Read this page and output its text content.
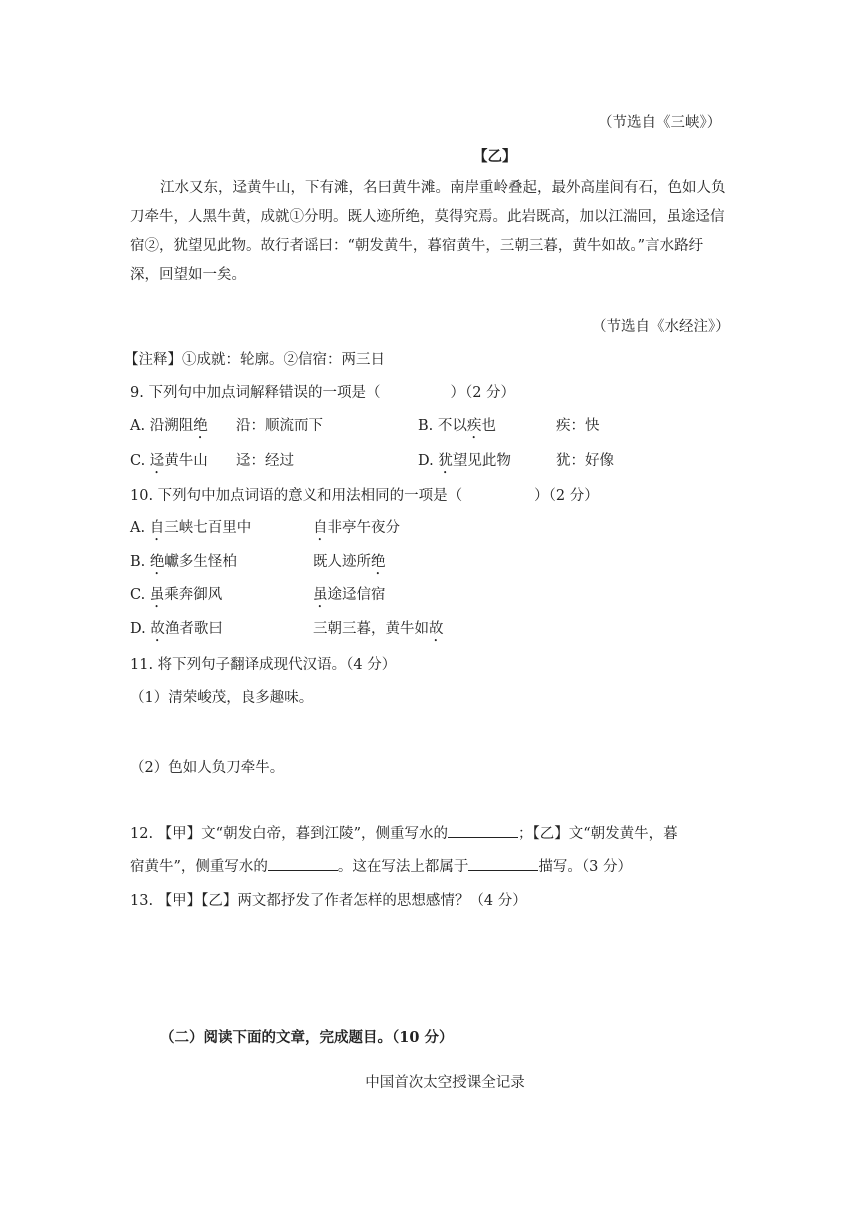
（节选自《三峡》）
【乙】
江水又东，迳黄牛山，下有滩，名曰黄牛滩。南岸重岭叠起，最外高崖间有石，色如人负刀牵牛，人黑牛黄，成就①分明。既人迹所绝，莫得究焉。此岩既高，加以江湍回，虽途迳信宿②，犹望见此物。故行者谣曰：“朝发黄牛，暮宿黄牛，三朝三暮，黄牛如故。”言水路纡深，回望如一矣。
（节选自《水经注》）
【注释】①成就：轮廓。②信宿：两三日
9. 下列句中加点词解释错误的一项是（	）（2 分）
A. 沿溯阻绝 沿：顺流而下	B. 不以疾也	疾：快
C. 迳黄牛山 迳：经过	D. 犹望见此物	犹：好像
10. 下列句中加点词语的意义和用法相同的一项是（	）（2 分）
A. 自三峡七百里中	自非亭午夜分
B. 绝巘多生怪柏	既人迹所绝
C. 虽乘奔御风	虽途迳信宿
D. 故渔者歌曰	三朝三暮，黄牛如故
11. 将下列句子翻译成现代汉语。（4 分）
（1）清荣峻茂，良多趣味。
（2）色如人负刀牵牛。
12. 【甲】文“朝发白帝，暮到江陵”，侧重写水的	；【乙】文“朝发黄牛，暮
宿黄牛”，侧重写水的	。这在写法上都属于	描写。（3 分）
13. 【甲】【乙】两文都抒发了作者怎样的思想感情？（4 分）
（二）阅读下面的文章，完成题目。（10 分）
中国首次太空授课全记录
